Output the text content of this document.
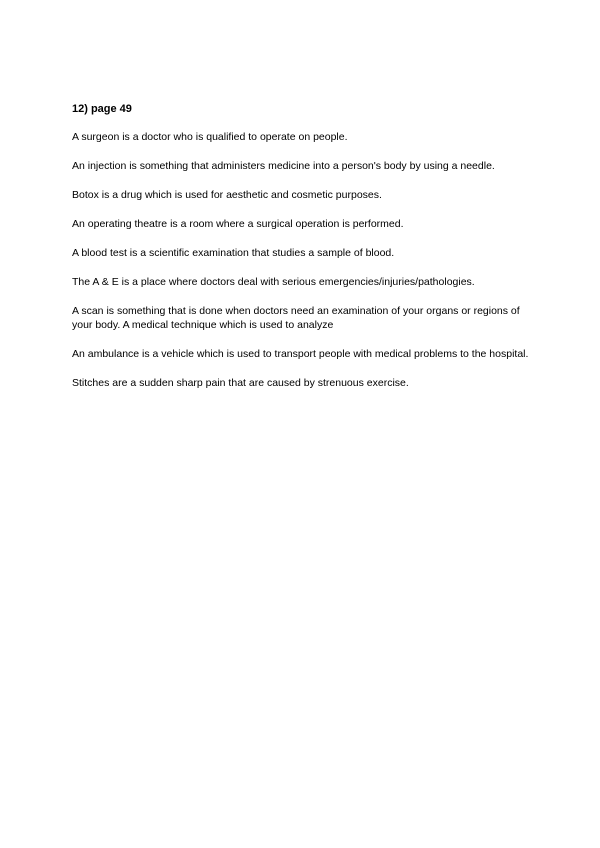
12) page 49

A surgeon is a doctor who is qualified to operate on people.

An injection is something that administers medicine into a person's body by using a needle.

Botox is a drug which is used for aesthetic and cosmetic purposes.

An operating theatre is a room where a surgical operation is performed.

A blood test is a scientific examination that studies a sample of blood.

The A & E is a place where doctors deal with serious emergencies/injuries/pathologies.

A scan is something that is done when doctors need an examination of your organs or regions of your body. A medical technique which is used to analyze

An ambulance is a vehicle which is used to transport people with medical problems to the hospital.

Stitches are a sudden sharp pain that are caused by strenuous exercise.
